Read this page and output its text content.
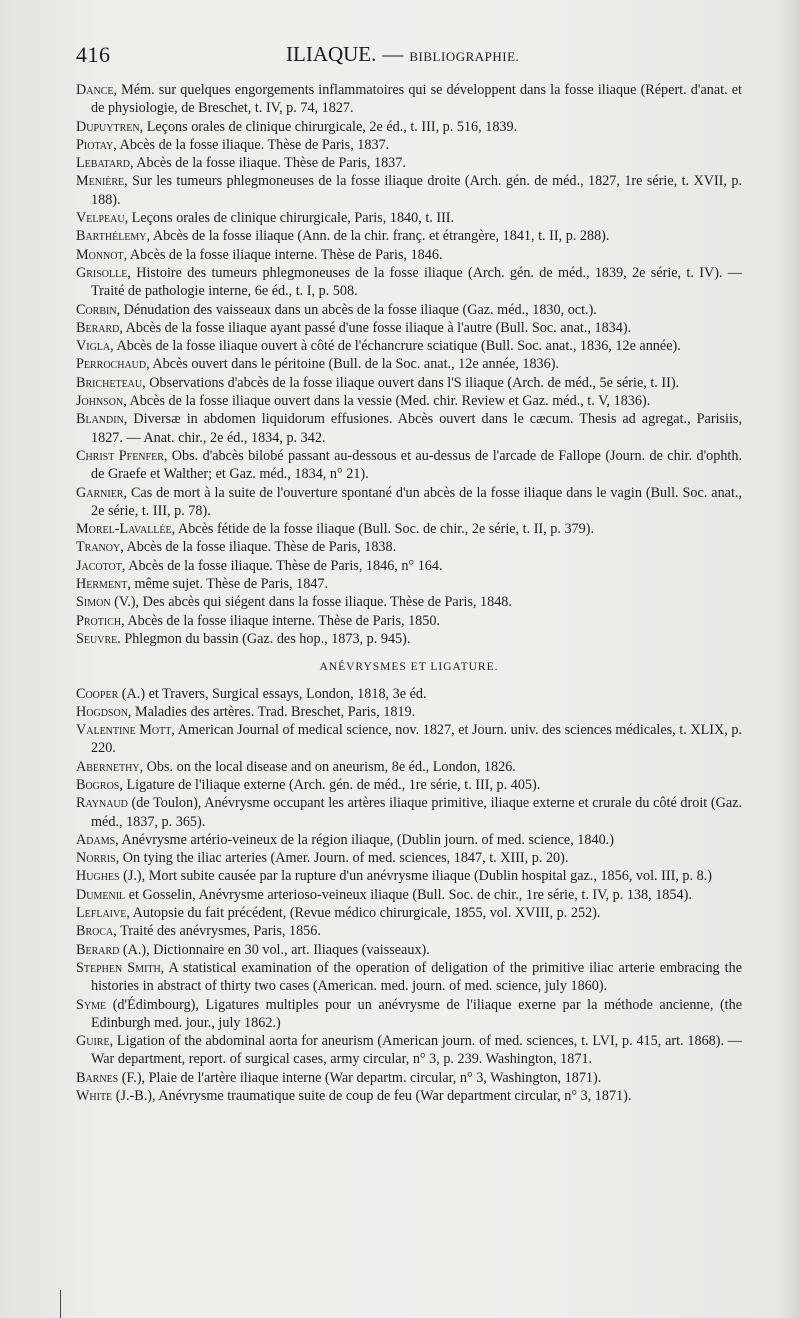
416	ILIAQUE. — BIBLIOGRAPHIE.

Dance, Mém. sur quelques engorgements inflammatoires qui se développent dans la fosse iliaque (Répert. d'anat. et de physiologie, de Breschet, t. IV, p. 74, 1827.

Dupuytren, Leçons orales de clinique chirurgicale, 2e éd., t. III, p. 516, 1839.

Piotay, Abcès de la fosse iliaque. Thèse de Paris, 1837.

Lebatard, Abcès de la fosse iliaque. Thèse de Paris, 1837.

Menière, Sur les tumeurs phlegmoneuses de la fosse iliaque droite (Arch. gén. de méd., 1827, 1re série, t. XVII, p. 188).

Velpeau, Leçons orales de clinique chirurgicale, Paris, 1840, t. III.

Barthélemy, Abcès de la fosse iliaque (Ann. de la chir. franç. et étrangère, 1841, t. II, p. 288).

Monnot, Abcès de la fosse iliaque interne. Thèse de Paris, 1846.

Grisolle, Histoire des tumeurs phlegmoneuses de la fosse iliaque (Arch. gén. de méd., 1839, 2e série, t. IV). — Traité de pathologie interne, 6e éd., t. I, p. 508.

Corbin, Dénudation des vaisseaux dans un abcès de la fosse iliaque (Gaz. méd., 1830, oct.).

Berard, Abcès de la fosse iliaque ayant passé d'une fosse iliaque à l'autre (Bull. Soc. anat., 1834).

Vigla, Abcès de la fosse iliaque ouvert à côté de l'échancrure sciatique (Bull. Soc. anat., 1836, 12e année).

Perrochaud, Abcès ouvert dans le péritoine (Bull. de la Soc. anat., 12e année, 1836).

Bricheteau, Observations d'abcès de la fosse iliaque ouvert dans l'S iliaque (Arch. de méd., 5e série, t. II).

Johnson, Abcès de la fosse iliaque ouvert dans la vessie (Med. chir. Review et Gaz. méd., t. V, 1836).

Blandin, Diversæ in abdomen liquidorum effusiones. Abcès ouvert dans le cæcum. Thesis ad agregat., Parisiis, 1827. — Anat. chir., 2e éd., 1834, p. 342.

Christ Pfenfer, Obs. d'abcès bilobé passant au-dessous et au-dessus de l'arcade de Fallope (Journ. de chir. d'ophth. de Graefe et Walther; et Gaz. méd., 1834, n° 21).

Garnier, Cas de mort à la suite de l'ouverture spontané d'un abcès de la fosse iliaque dans le vagin (Bull. Soc. anat., 2e série, t. III, p. 78).

Morel-Lavallée, Abcès fétide de la fosse iliaque (Bull. Soc. de chir., 2e série, t. II, p. 379).

Tranoy, Abcès de la fosse iliaque. Thèse de Paris, 1838.

Jacotot, Abcès de la fosse iliaque. Thèse de Paris, 1846, n° 164.

Herment, même sujet. Thèse de Paris, 1847.

Simon (V.), Des abcès qui siégent dans la fosse iliaque. Thèse de Paris, 1848.

Protich, Abcès de la fosse iliaque interne. Thèse de Paris, 1850.

Seuvre. Phlegmon du bassin (Gaz. des hop., 1873, p. 945).

ANÉVRYSMES ET LIGATURE.

Cooper (A.) et Travers, Surgical essays, London, 1818, 3e éd.

Hogdson, Maladies des artères. Trad. Breschet, Paris, 1819.

Valentine Mott, American Journal of medical science, nov. 1827, et Journ. univ. des sciences médicales, t. XLIX, p. 220.

Abernethy, Obs. on the local disease and on aneurism, 8e éd., London, 1826.

Bogros, Ligature de l'iliaque externe (Arch. gén. de méd., 1re série, t. III, p. 405).

Raynaud (de Toulon), Anévrysme occupant les artères iliaque primitive, iliaque externe et crurale du côté droit (Gaz. méd., 1837, p. 365).

Adams, Anévrysme artério-veineux de la région iliaque, (Dublin journ. of med. science, 1840.)

Norris, On tying the iliac arteries (Amer. Journ. of med. sciences, 1847, t. XIII, p. 20).

Hughes (J.), Mort subite causée par la rupture d'un anévrysme iliaque (Dublin hospital gaz., 1856, vol. III, p. 8.)

Dumenil et Gosselin, Anévrysme arterioso-veineux iliaque (Bull. Soc. de chir., 1re série, t. IV, p. 138, 1854).

Leflaive, Autopsie du fait précédent, (Revue médico chirurgicale, 1855, vol. XVIII, p. 252).

Broca, Traité des anévrysmes, Paris, 1856.

Berard (A.), Dictionnaire en 30 vol., art. Iliaques (vaisseaux).

Stephen Smith, A statistical examination of the operation of deligation of the primitive iliac arterie embracing the histories in abstract of thirty two cases (American. med. journ. of med. science, july 1860).

Syme (d'Édimbourg), Ligatures multiples pour un anévrysme de l'iliaque exerne par la méthode ancienne, (the Edinburgh med. jour., july 1862.)

Guire, Ligation of the abdominal aorta for aneurism (American journ. of med. sciences, t. LVI, p. 415, art. 1868). — War department, report. of surgical cases, army circular, n° 3, p. 239. Washington, 1871.

Barnes (F.), Plaie de l'artère iliaque interne (War departm. circular, n° 3, Washington, 1871).

White (J.-B.), Anévrysme traumatique suite de coup de feu (War department circular, n° 3, 1871).
